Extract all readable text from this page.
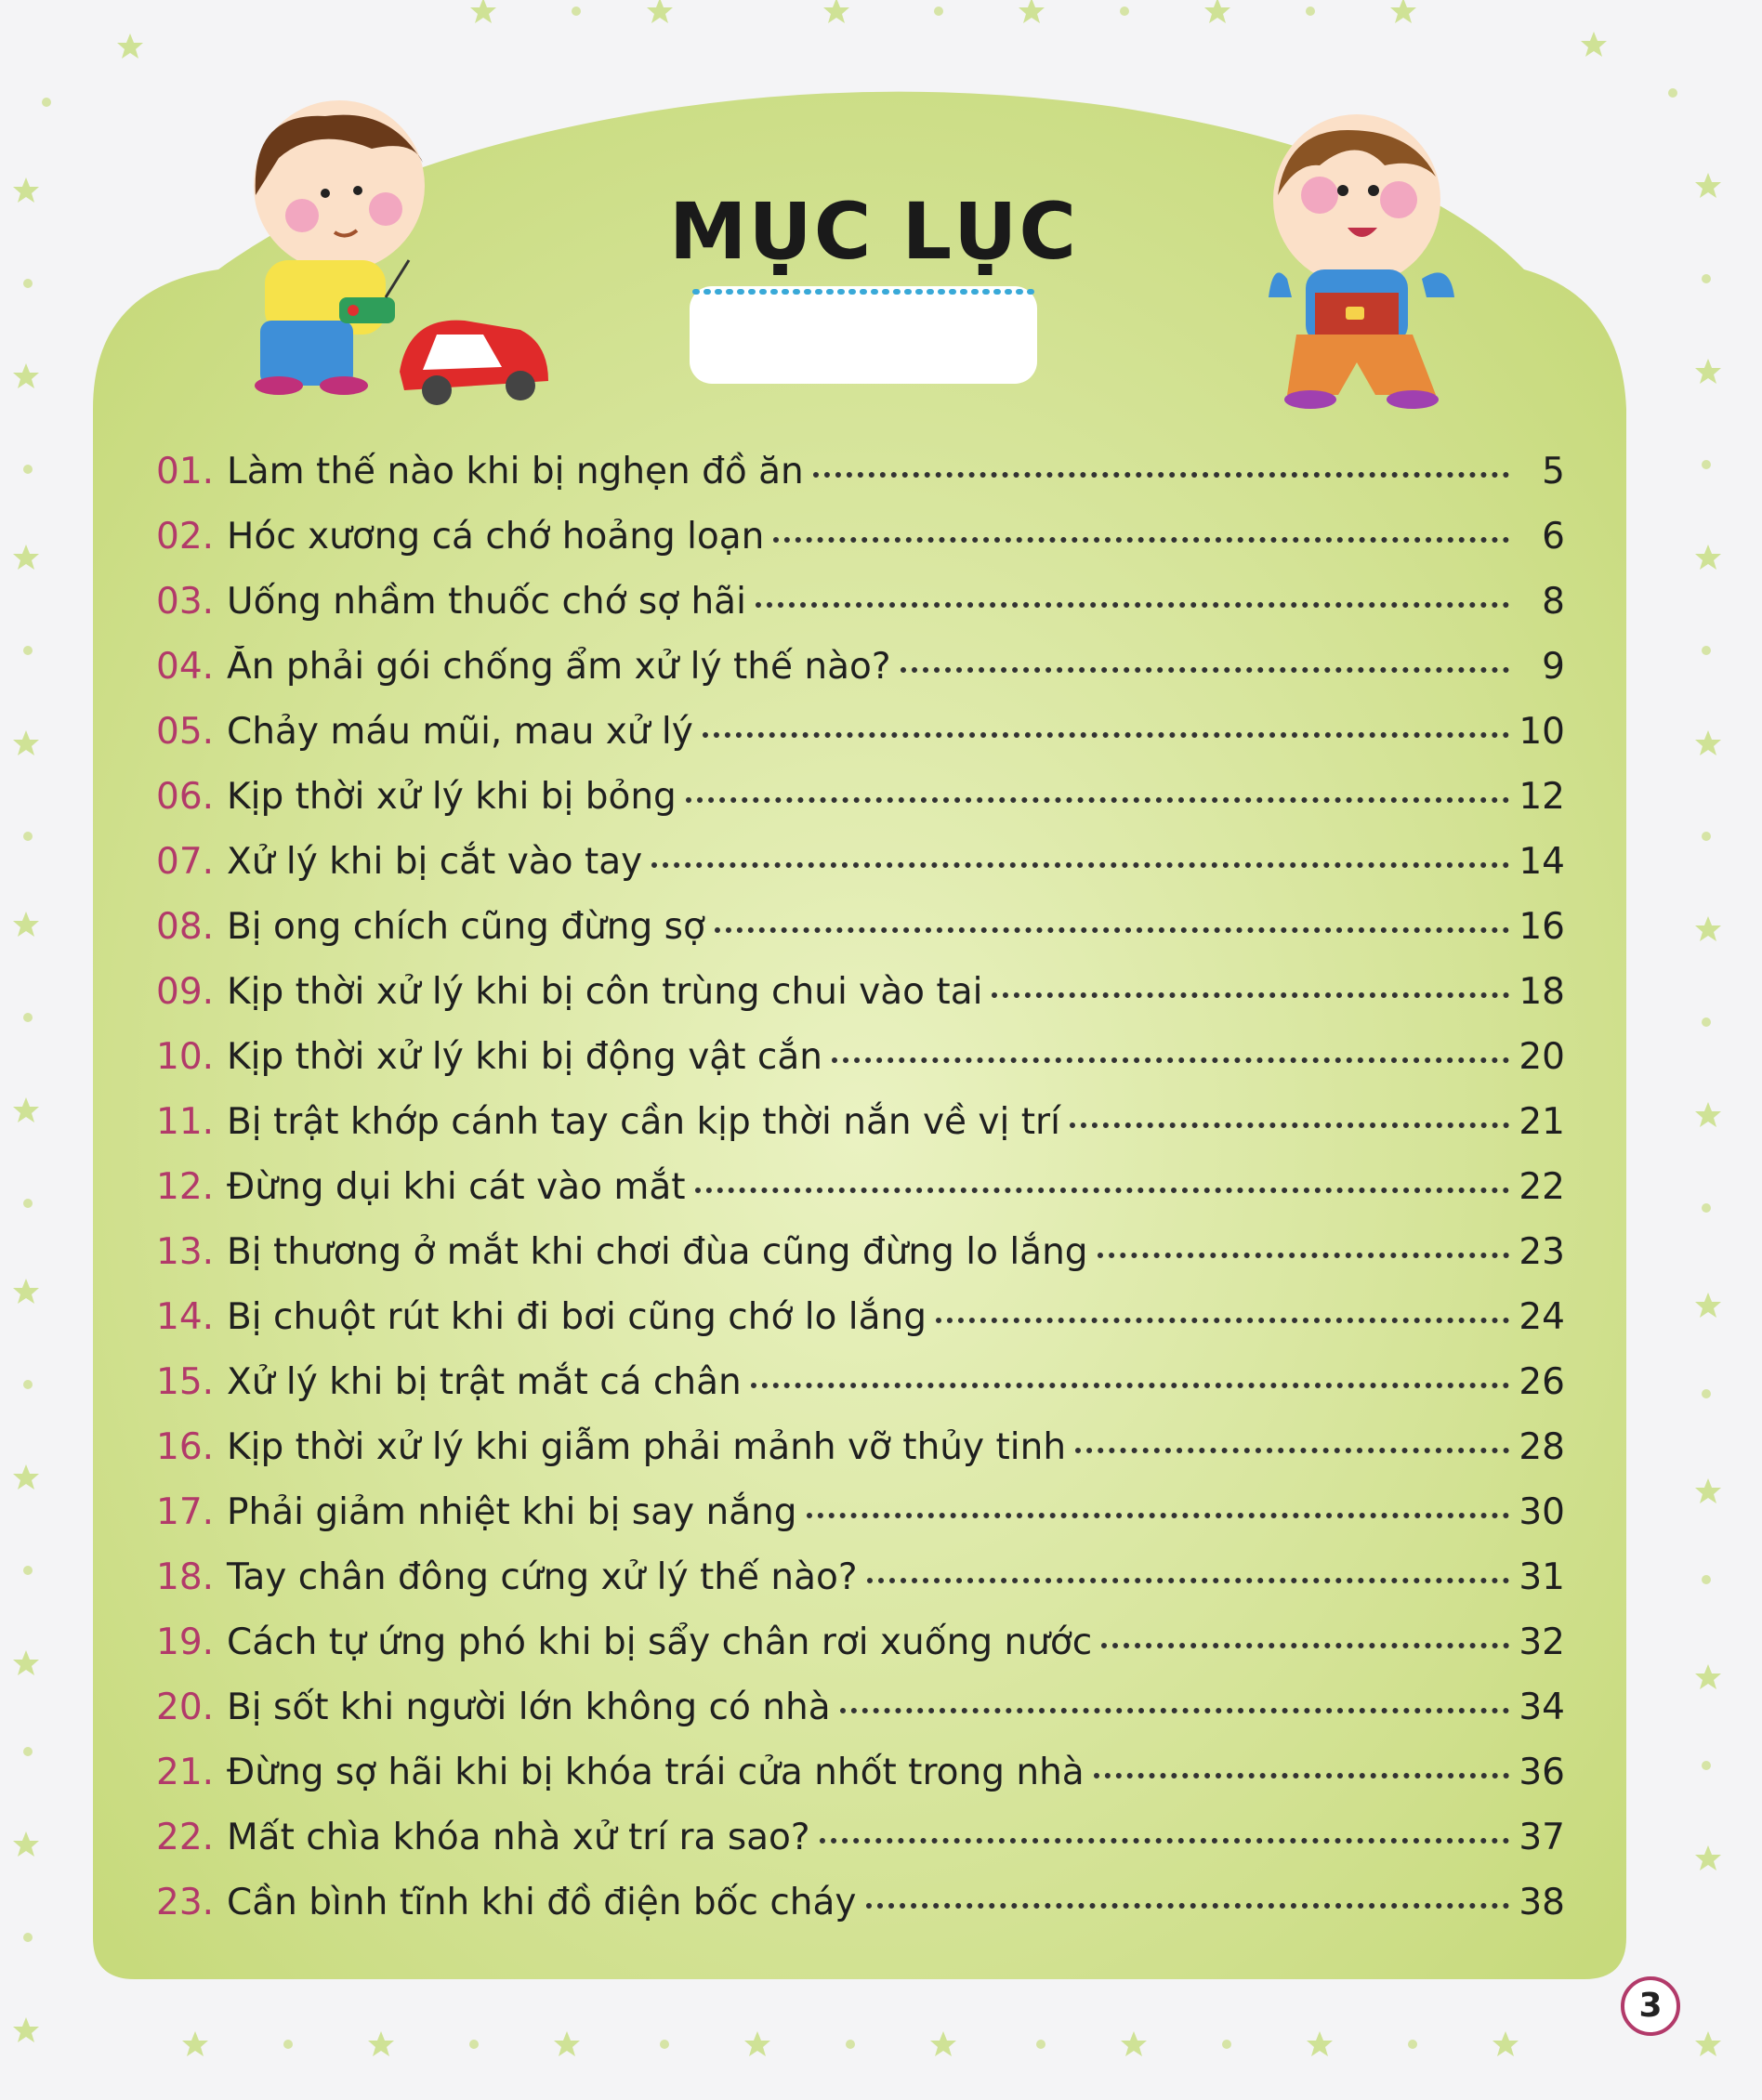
MỤC LỤC
01. Làm thế nào khi bị nghẹn đồ ăn	5
02. Hóc xương cá chớ hoảng loạn	6
03. Uống nhầm thuốc chớ sợ hãi	8
04. Ăn phải gói chống ẩm xử lý thế nào?	9
05. Chảy máu mũi, mau xử lý	10
06. Kịp thời xử lý khi bị bỏng	12
07. Xử lý khi bị cắt vào tay	14
08. Bị ong chích cũng đừng sợ	16
09. Kịp thời xử lý khi bị côn trùng chui vào tai	18
10. Kịp thời xử lý khi bị động vật cắn	20
11. Bị trật khớp cánh tay cần kịp thời nắn về vị trí	21
12. Đừng dụi khi cát vào mắt	22
13. Bị thương ở mắt khi chơi đùa cũng đừng lo lắng	23
14. Bị chuột rút khi đi bơi cũng chớ lo lắng	24
15. Xử lý khi bị trật mắt cá chân	26
16. Kịp thời xử lý khi giẫm phải mảnh vỡ thủy tinh	28
17. Phải giảm nhiệt khi bị say nắng	30
18. Tay chân đông cứng xử lý thế nào?	31
19. Cách tự ứng phó khi bị sẩy chân rơi xuống nước	32
20. Bị sốt khi người lớn không có nhà	34
21. Đừng sợ hãi khi bị khóa trái cửa nhốt trong nhà	36
22. Mất chìa khóa nhà xử trí ra sao?	37
23. Cần bình tĩnh khi đồ điện bốc cháy	38
3
